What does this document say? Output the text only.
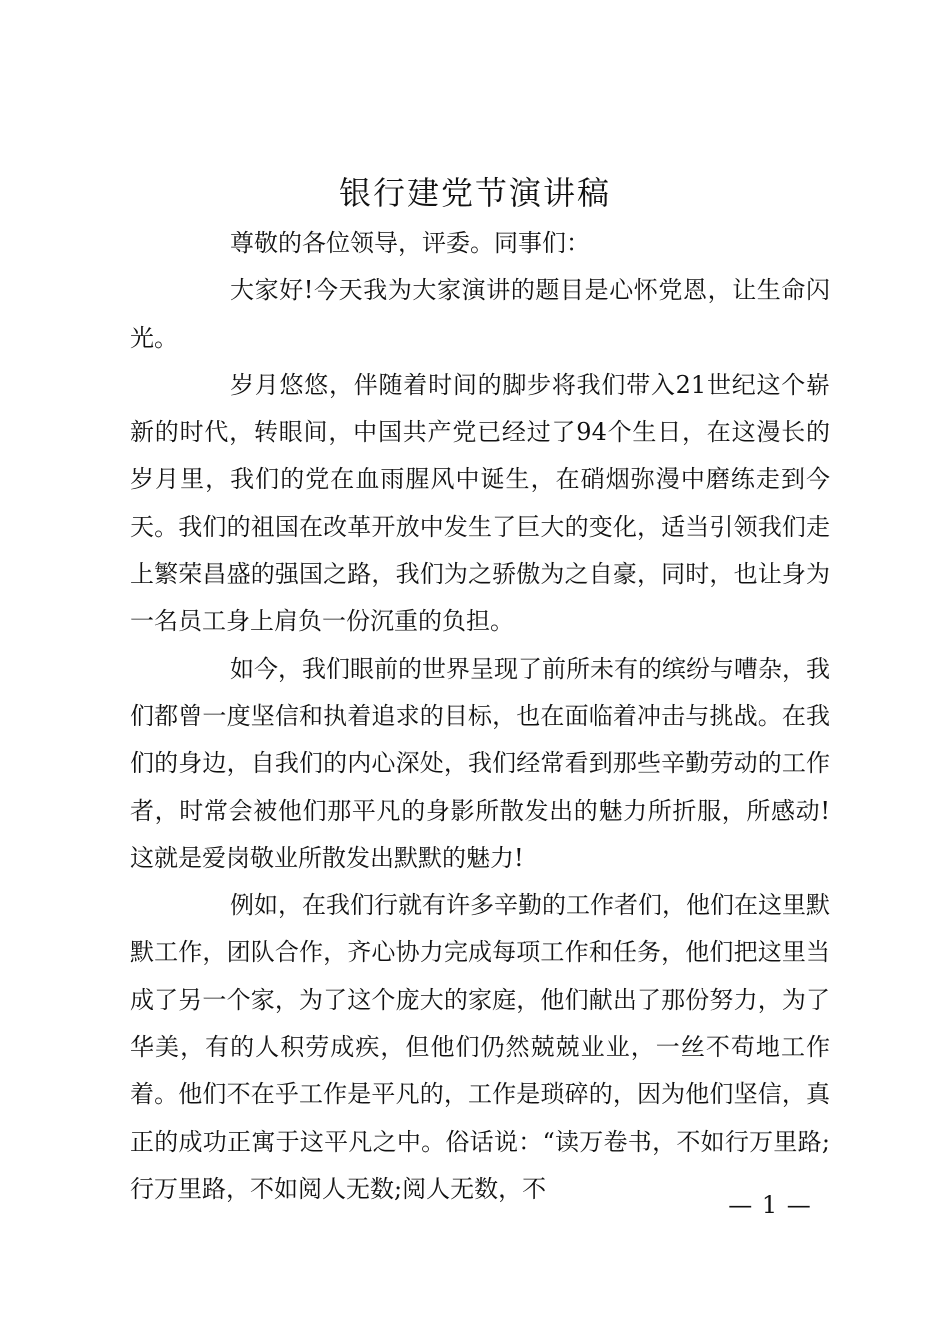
银行建党节演讲稿

尊敬的各位领导，评委。同事们：

大家好!今天我为大家演讲的题目是心怀党恩，让生命闪光。

岁月悠悠，伴随着时间的脚步将我们带入21世纪这个崭新的时代，转眼间，中国共产党已经过了94个生日，在这漫长的岁月里，我们的党在血雨腥风中诞生，在硝烟弥漫中磨练走到今天。我们的祖国在改革开放中发生了巨大的变化，适当引领我们走上繁荣昌盛的强国之路，我们为之骄傲为之自豪，同时，也让身为一名员工身上肩负一份沉重的负担。

如今，我们眼前的世界呈现了前所未有的缤纷与嘈杂，我们都曾一度坚信和执着追求的目标，也在面临着冲击与挑战。在我们的身边，自我们的内心深处，我们经常看到那些辛勤劳动的工作者，时常会被他们那平凡的身影所散发出的魅力所折服，所感动!这就是爱岗敬业所散发出默默的魅力!

例如，在我们行就有许多辛勤的工作者们，他们在这里默默工作，团队合作，齐心协力完成每项工作和任务，他们把这里当成了另一个家，为了这个庞大的家庭，他们献出了那份努力，为了华美，有的人积劳成疾，但他们仍然兢兢业业，一丝不苟地工作着。他们不在乎工作是平凡的，工作是琐碎的，因为他们坚信，真正的成功正寓于这平凡之中。俗话说：“读万卷书，不如行万里路;行万里路，不如阅人无数;阅人无数，不

— 1 —
